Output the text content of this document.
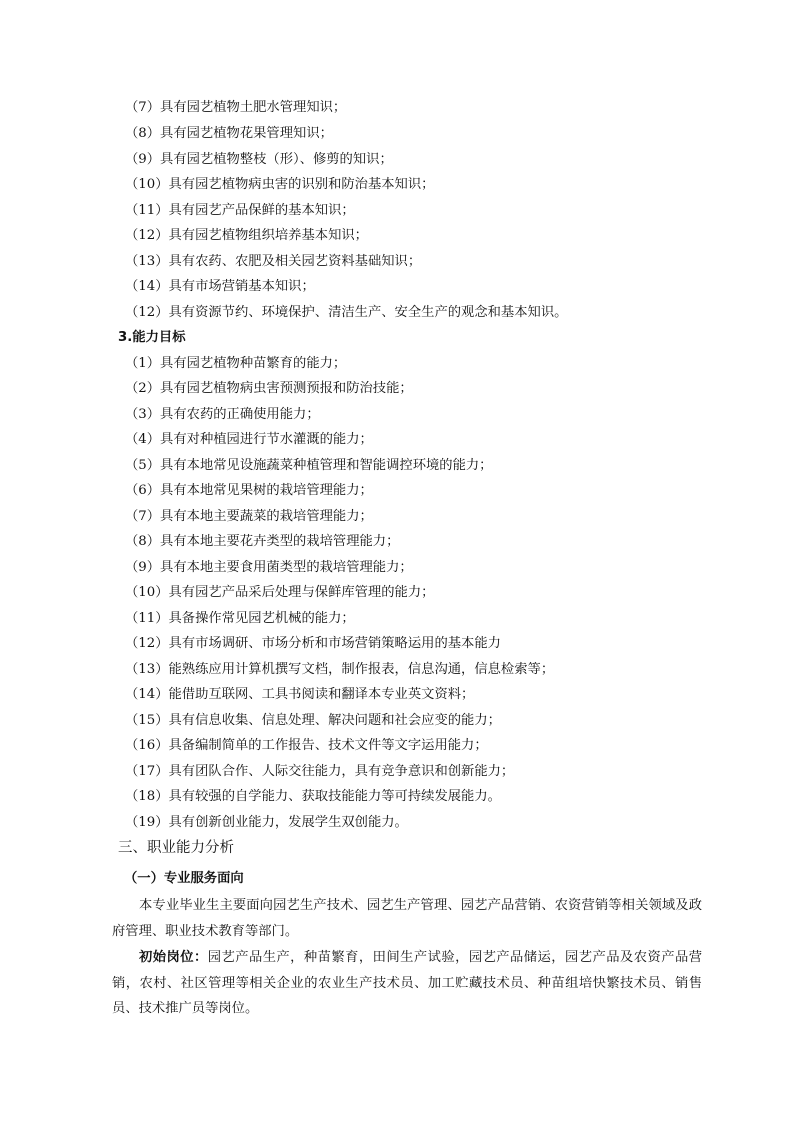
（7）具有园艺植物土肥水管理知识；
（8）具有园艺植物花果管理知识；
（9）具有园艺植物整枝（形）、修剪的知识；
（10）具有园艺植物病虫害的识别和防治基本知识；
（11）具有园艺产品保鲜的基本知识；
（12）具有园艺植物组织培养基本知识；
（13）具有农药、农肥及相关园艺资料基础知识；
（14）具有市场营销基本知识；
（12）具有资源节约、环境保护、清洁生产、安全生产的观念和基本知识。
3.能力目标
（1）具有园艺植物种苗繁育的能力；
（2）具有园艺植物病虫害预测预报和防治技能；
（3）具有农药的正确使用能力；
（4）具有对种植园进行节水灌溉的能力；
（5）具有本地常见设施蔬菜种植管理和智能调控环境的能力；
（6）具有本地常见果树的栽培管理能力；
（7）具有本地主要蔬菜的栽培管理能力；
（8）具有本地主要花卉类型的栽培管理能力；
（9）具有本地主要食用菌类型的栽培管理能力；
（10）具有园艺产品采后处理与保鲜库管理的能力；
（11）具备操作常见园艺机械的能力；
（12）具有市场调研、市场分析和市场营销策略运用的基本能力
（13）能熟练应用计算机撰写文档，制作报表，信息沟通，信息检索等；
（14）能借助互联网、工具书阅读和翻译本专业英文资料；
（15）具有信息收集、信息处理、解决问题和社会应变的能力；
（16）具备编制简单的工作报告、技术文件等文字运用能力；
（17）具有团队合作、人际交往能力，具有竞争意识和创新能力；
（18）具有较强的自学能力、获取技能能力等可持续发展能力。
（19）具有创新创业能力，发展学生双创能力。
三、职业能力分析
（一）专业服务面向
本专业毕业生主要面向园艺生产技术、园艺生产管理、园艺产品营销、农资营销等相关领域及政府管理、职业技术教育等部门。
初始岗位：园艺产品生产，种苗繁育，田间生产试验，园艺产品储运，园艺产品及农资产品营销，农村、社区管理等相关企业的农业生产技术员、加工贮藏技术员、种苗组培快繁技术员、销售员、技术推广员等岗位。
